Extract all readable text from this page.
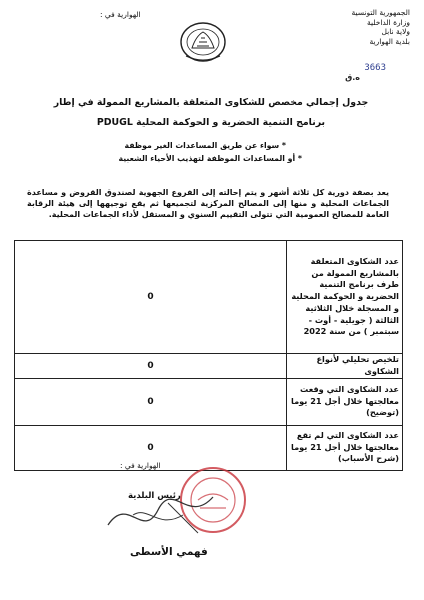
الجمهورية التونسية
وزارة الداخلية
ولاية نابل
بلدية الهوارية
الهوارية في :
3663
ه.ق
جدول إجمالي مخصص للشكاوى المتعلقة بالمشاريع الممولة في إطار
برنامج التنمية الحضرية و الحوكمة المحلية PDUGL
* سواء عن طريق المساعدات الغير موظفة
* أو المساعدات الموظفة لتهذيب الأحياء الشعبية
يعد بصفة دورية كل ثلاثة أشهر و يتم إحالته إلى الفروع الجهوية لصندوق القروض و مساعدة الجماعات المحلية و منها إلى المصالح المركزية لتجميعها ثم يقع توجيهها إلى هيئة الرقابة العامة للمصالح العمومية التي تتولى التقييم السنوي و المستقل لأداء الجماعات المحلية.
0	عدد الشكاوى المتعلقة بالمشاريع الممولة من طرف برنامج التنمية الحضرية و الحوكمة المحلية و المسجلة خلال الثلاثية الثالثة ( جويلية - أوت - سبتمبر ) من سنة 2022
0	تلخيص تحليلي لأنواع الشكاوى
0	عدد الشكاوى التي وقعت معالجتها خلال أجل 21 يوما (توضيح)
0	عدد الشكاوى التي لم تقع معالجتها خلال أجل 21 يوما (شرح الأسباب)
الهوارية في :
رئيس البلدية
فهمي الأسطى
